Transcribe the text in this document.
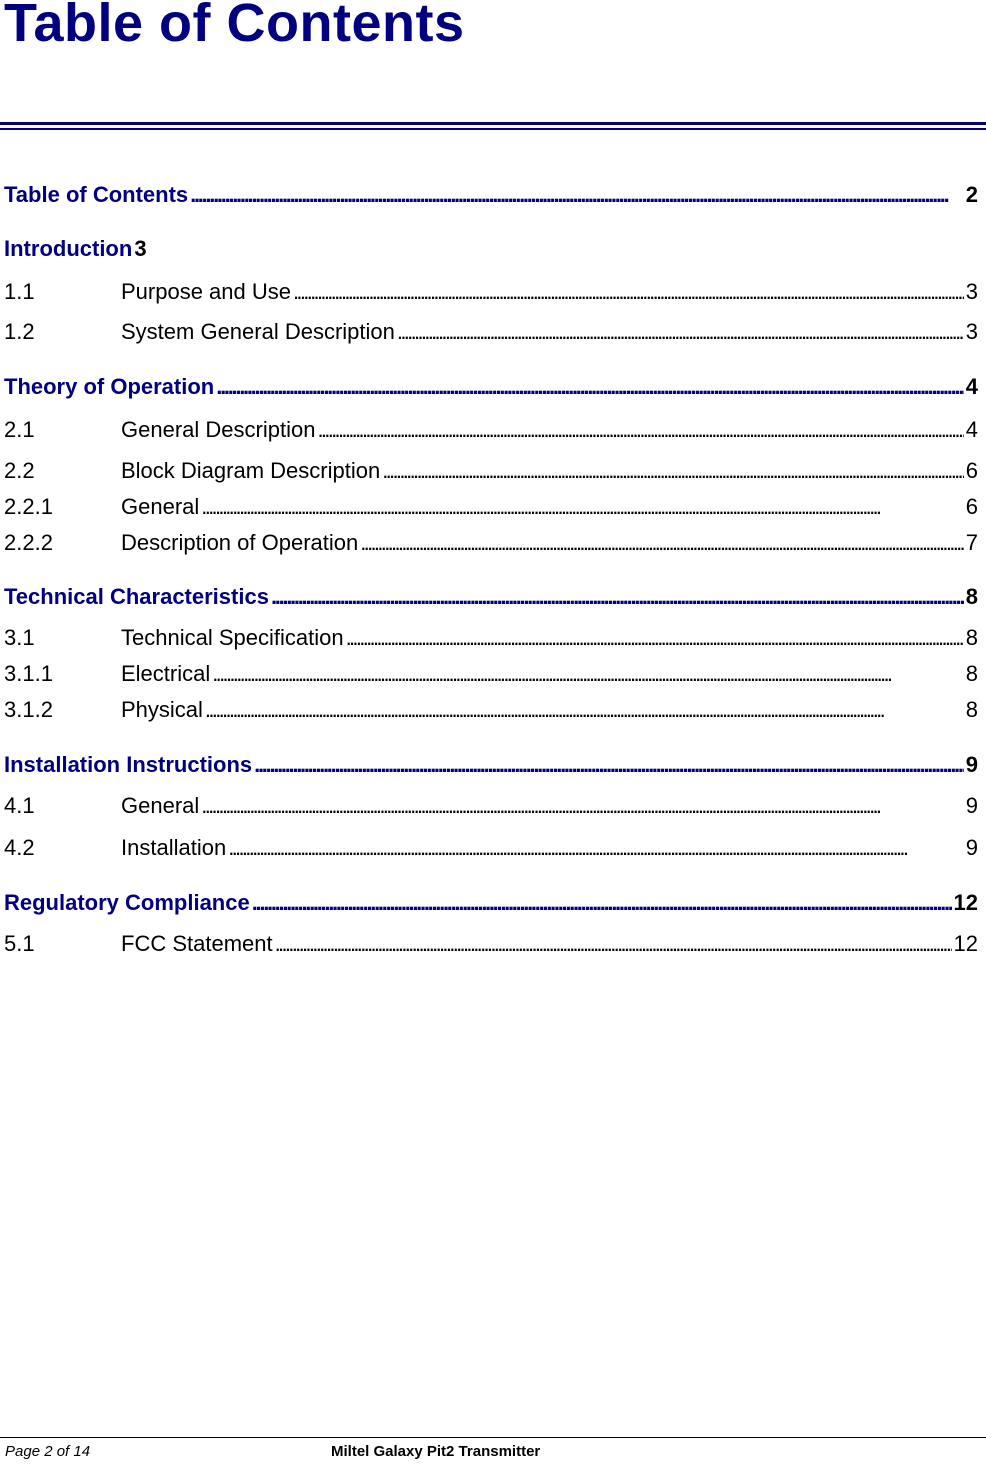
Table of Contents
Table of Contents . . .	2
Introduction 3
1.1	Purpose and Use . . .	3
1.2	System General Description . . .	3
Theory of Operation . . .	4
2.1	General Description . . .	4
2.2	Block Diagram Description . . .	6
2.2.1	General . . .	6
2.2.2	Description of Operation . . .	7
Technical Characteristics . . .	8
3.1	Technical Specification . . .	8
3.1.1	Electrical . . .	8
3.1.2	Physical . . .	8
Installation Instructions . . .	9
4.1	General . . .	9
4.2	Installation . . .	9
Regulatory Compliance . . .	12
5.1	FCC Statement . . .	12
Page 2 of 14	Miltel Galaxy Pit2 Transmitter
